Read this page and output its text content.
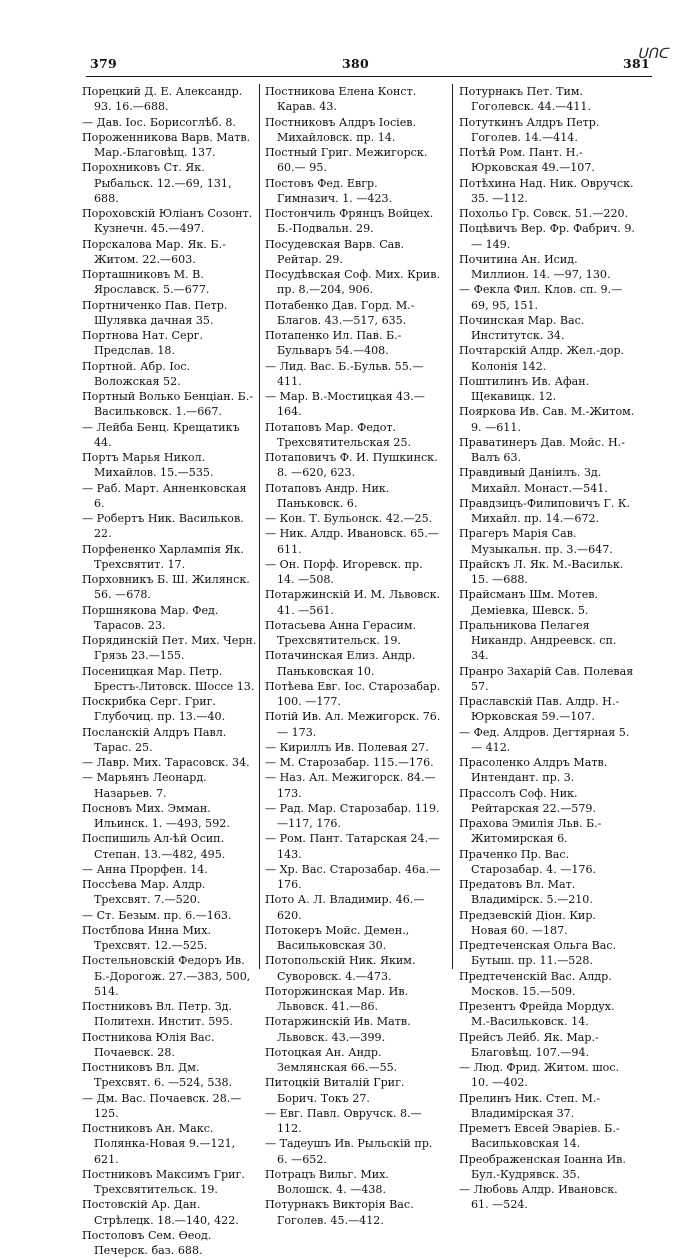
379	380	381
ᑌᑎᑕ

Порецкий Д. Е. Александр. 93. 16.—688.

— Дав. Іос. Борисоглѣб. 8.

Пороженникова Варв. Матв. Мар.-Благовѣщ. 137.

Порохниковъ Ст. Як. Рыбальск. 12.—69, 131, 688.

Пороховскій Юліанъ Созонт. Кузнечн. 45.—497.

Порскалова Мар. Як. Б.-Житом. 22.—603.

Порташниковъ М. В. Ярославск. 5.—677.

Портниченко Пав. Петр. Шулявка дачная 35.

Портнова Нат. Серг. Предслав. 18.

Портной. Абр. Іос. Воложская 52.

Портный Волько Бенціан. Б.-Васильковск. 1.—667.

— Лейба Бенц. Крещатикъ 44.

Портъ Марья Никол. Михайлов. 15.—535.

— Раб. Март. Анненковская 6.

— Робертъ Ник. Васильков. 22.

Порфененко Харлампія Як. Трехсвятит. 17.

Порховникъ Б. Ш. Жилянск. 56. —678.

Поршнякова Мар. Фед. Тарасов. 23.

Порядинскій Пет. Мих. Черн. Грязь 23.—155.

Посеницкая Мар. Петр. Брестъ-Литовск. Шоссе 13.

Поскрибка Серг. Григ. Глубочиц. пр. 13.—40.

Посланскій Алдръ Павл. Тарас. 25.

— Лавр. Мих. Тарасовск. 34.

— Марьянъ Леонард. Назарьев. 7.

Посновъ Мих. Эмман. Ильинск. 1. —493, 592.

Поспишиль Ал-ѣй Осип. Степан. 13.—482, 495.

— Анна Прорфен. 14.

Поссѣева Мар. Алдр. Трехсвят. 7.—520.

— Ст. Безым. пр. 6.—163.

Постбпова Инна Мих. Трехсвят. 12.—525.

Постельновскій Федоръ Ив. Б.-Дорогож. 27.—383, 500, 514.

Постниковъ Вл. Петр. Зд. Политехн. Инстит. 595.

Постникова Юлія Вас. Почаевск. 28.

Постниковъ Вл. Дм. Трехсвят. 6. —524, 538.

— Дм. Вас. Почаевск. 28.— 125.

Постниковъ Ан. Макс. Полянка-Новая 9.—121, 621.

Постниковъ Максимъ Григ. Трехсвятительск. 19.

Постовскій Ар. Дан. Стрѣлецк. 18.—140, 422.

Постоловъ Сем. Ѳеод. Печерск. баз. 688.

Постникова Елена Конст. Карав. 43.

Постниковъ Алдръ Іосіев. Михайловск. пр. 14.

Постный Григ. Межигорск. 60.— 95.

Постовъ Фед. Евгр. Гимназич. 1. —423.

Постончиль Фрянцъ Войцех. Б.-Подвальн. 29.

Посудевская Варв. Сав. Рейтар. 29.

Посудѣвская Соф. Мих. Крив. пр. 8.—204, 906.

Потабенко Дав. Горд. М.-Благов. 43.—517, 635.

Потапенко Ил. Пав. Б.-Бульваръ 54.—408.

— Лид. Вас. Б.-Бульв. 55.— 411.

— Мар. В.-Мостицкая 43.— 164.

Потаповъ Мар. Федот. Трехсвятительская 25.

Потаповичъ Ф. И. Пушкинск. 8. —620, 623.

Потаповъ Андр. Ник. Паньковск. 6.

— Кон. Т. Бульонск. 42.—25.

— Ник. Алдр. Ивановск. 65.— 611.

— Он. Порф. Игоревск. пр. 14. —508.

Потаржинскій И. М. Львовск. 41. —561.

Потасьева Анна Герасим. Трехсвятительск. 19.

Потачинская Елиз. Андр. Паньковская 10.

Потѣева Евг. Іос. Старозабар. 100. —177.

Потій Ив. Ал. Межигорск. 76.— 173.

— Кириллъ Ив. Полевая 27.

— М. Старозабар. 115.—176.

— Наз. Ал. Межигорск. 84.— 173.

— Рад. Мар. Старозабар. 119. —117, 176.

— Ром. Пант. Татарская 24.— 143.

— Хр. Вас. Старозабар. 46а.— 176.

Пото А. Л. Владимир. 46.—620.

Потокеръ Мойс. Демен., Васильковская 30.

Потопольскій Ник. Яким. Суворовск. 4.—473.

Поторжинская Мар. Ив. Львовск. 41.—86.

Потаржинскій Ив. Матв. Львовск. 43.—399.

Потоцкая Ан. Андр. Землянская 66.—55.

Питоцкій Виталій Григ. Борич. Токъ 27.

— Евг. Павл. Овручск. 8.—112.

— Тадеушъ Ив. Рыльскій пр. 6. —652.

Потрацъ Вильг. Мих. Волошск. 4. —438.

Потурнакъ Викторія Вас. Гоголев. 45.—412.

Потурнакъ Пет. Тим. Гоголевск. 44.—411.

Потуткинъ Алдръ Петр. Гоголев. 14.—414.

Потѣй Ром. Пант. Н.-Юрковская 49.—107.

Потѣхина Над. Ник. Овручск. 35. —112.

Похольо Гр. Совск. 51.—220.

Поцѣвичъ Вер. Фр. Фабрич. 9.— 149.

Почитина Ан. Исид. Миллион. 14. —97, 130.

— Фекла Фил. Клов. сп. 9.—69, 95, 151.

Починская Мар. Вас. Институтск. 34.

Почтарскій Алдр. Жел.-дор. Колонія 142.

Поштилинъ Ив. Афан. Щекавицк. 12.

Пояркова Ив. Сав. М.-Житом. 9. —611.

Праватинеръ Дав. Мойс. Н.-Валъ 63.

Правдивый Даніилъ. Зд. Михайл. Монаст.—541.

Правдзицъ-Филиповичъ Г. К. Михайл. пр. 14.—672.

Прагеръ Марія Сав. Музыкальн. пр. 3.—647.

Прайскъ Л. Як. М.-Васильк. 15. —688.

Прайсманъ Шм. Мотев. Деміевка, Шевск. 5.

Пральникова Пелагея Никандр. Андреевск. сп. 34.

Пранро Захарій Сав. Полевая 57.

Праславскій Пав. Алдр. Н.-Юрковская 59.—107.

— Фед. Алдров. Дегтярная 5.— 412.

Прасоленко Алдръ Матв. Интендант. пр. 3.

Прассолъ Соф. Ник. Рейтарская 22.—579.

Прахова Эмилія Льв. Б.-Житомирская 6.

Праченко Пр. Вас. Старозабар. 4. —176.

Предатовъ Вл. Мат. Владимірск. 5.—210.

Предзевскій Діон. Кир. Новая 60. —187.

Предтеченская Ольга Вас. Бутыш. пр. 11.—528.

Предтеченскій Вас. Алдр. Москов. 15.—509.

Презентъ Фрейда Мордух. М.-Васильковск. 14.

Прейсъ Лейб. Як. Мар.-Благовѣщ. 107.—94.

— Люд. Фрид. Житом. шос. 10. —402.

Прелинъ Ник. Степ. М.-Владимірская 37.

Преметъ Евсей Эваріев. Б.-Васильковская 14.

Преображенская Іоанна Ив. Бул.-Кудрявск. 35.

— Любовь Алдр. Ивановск. 61. —524.
